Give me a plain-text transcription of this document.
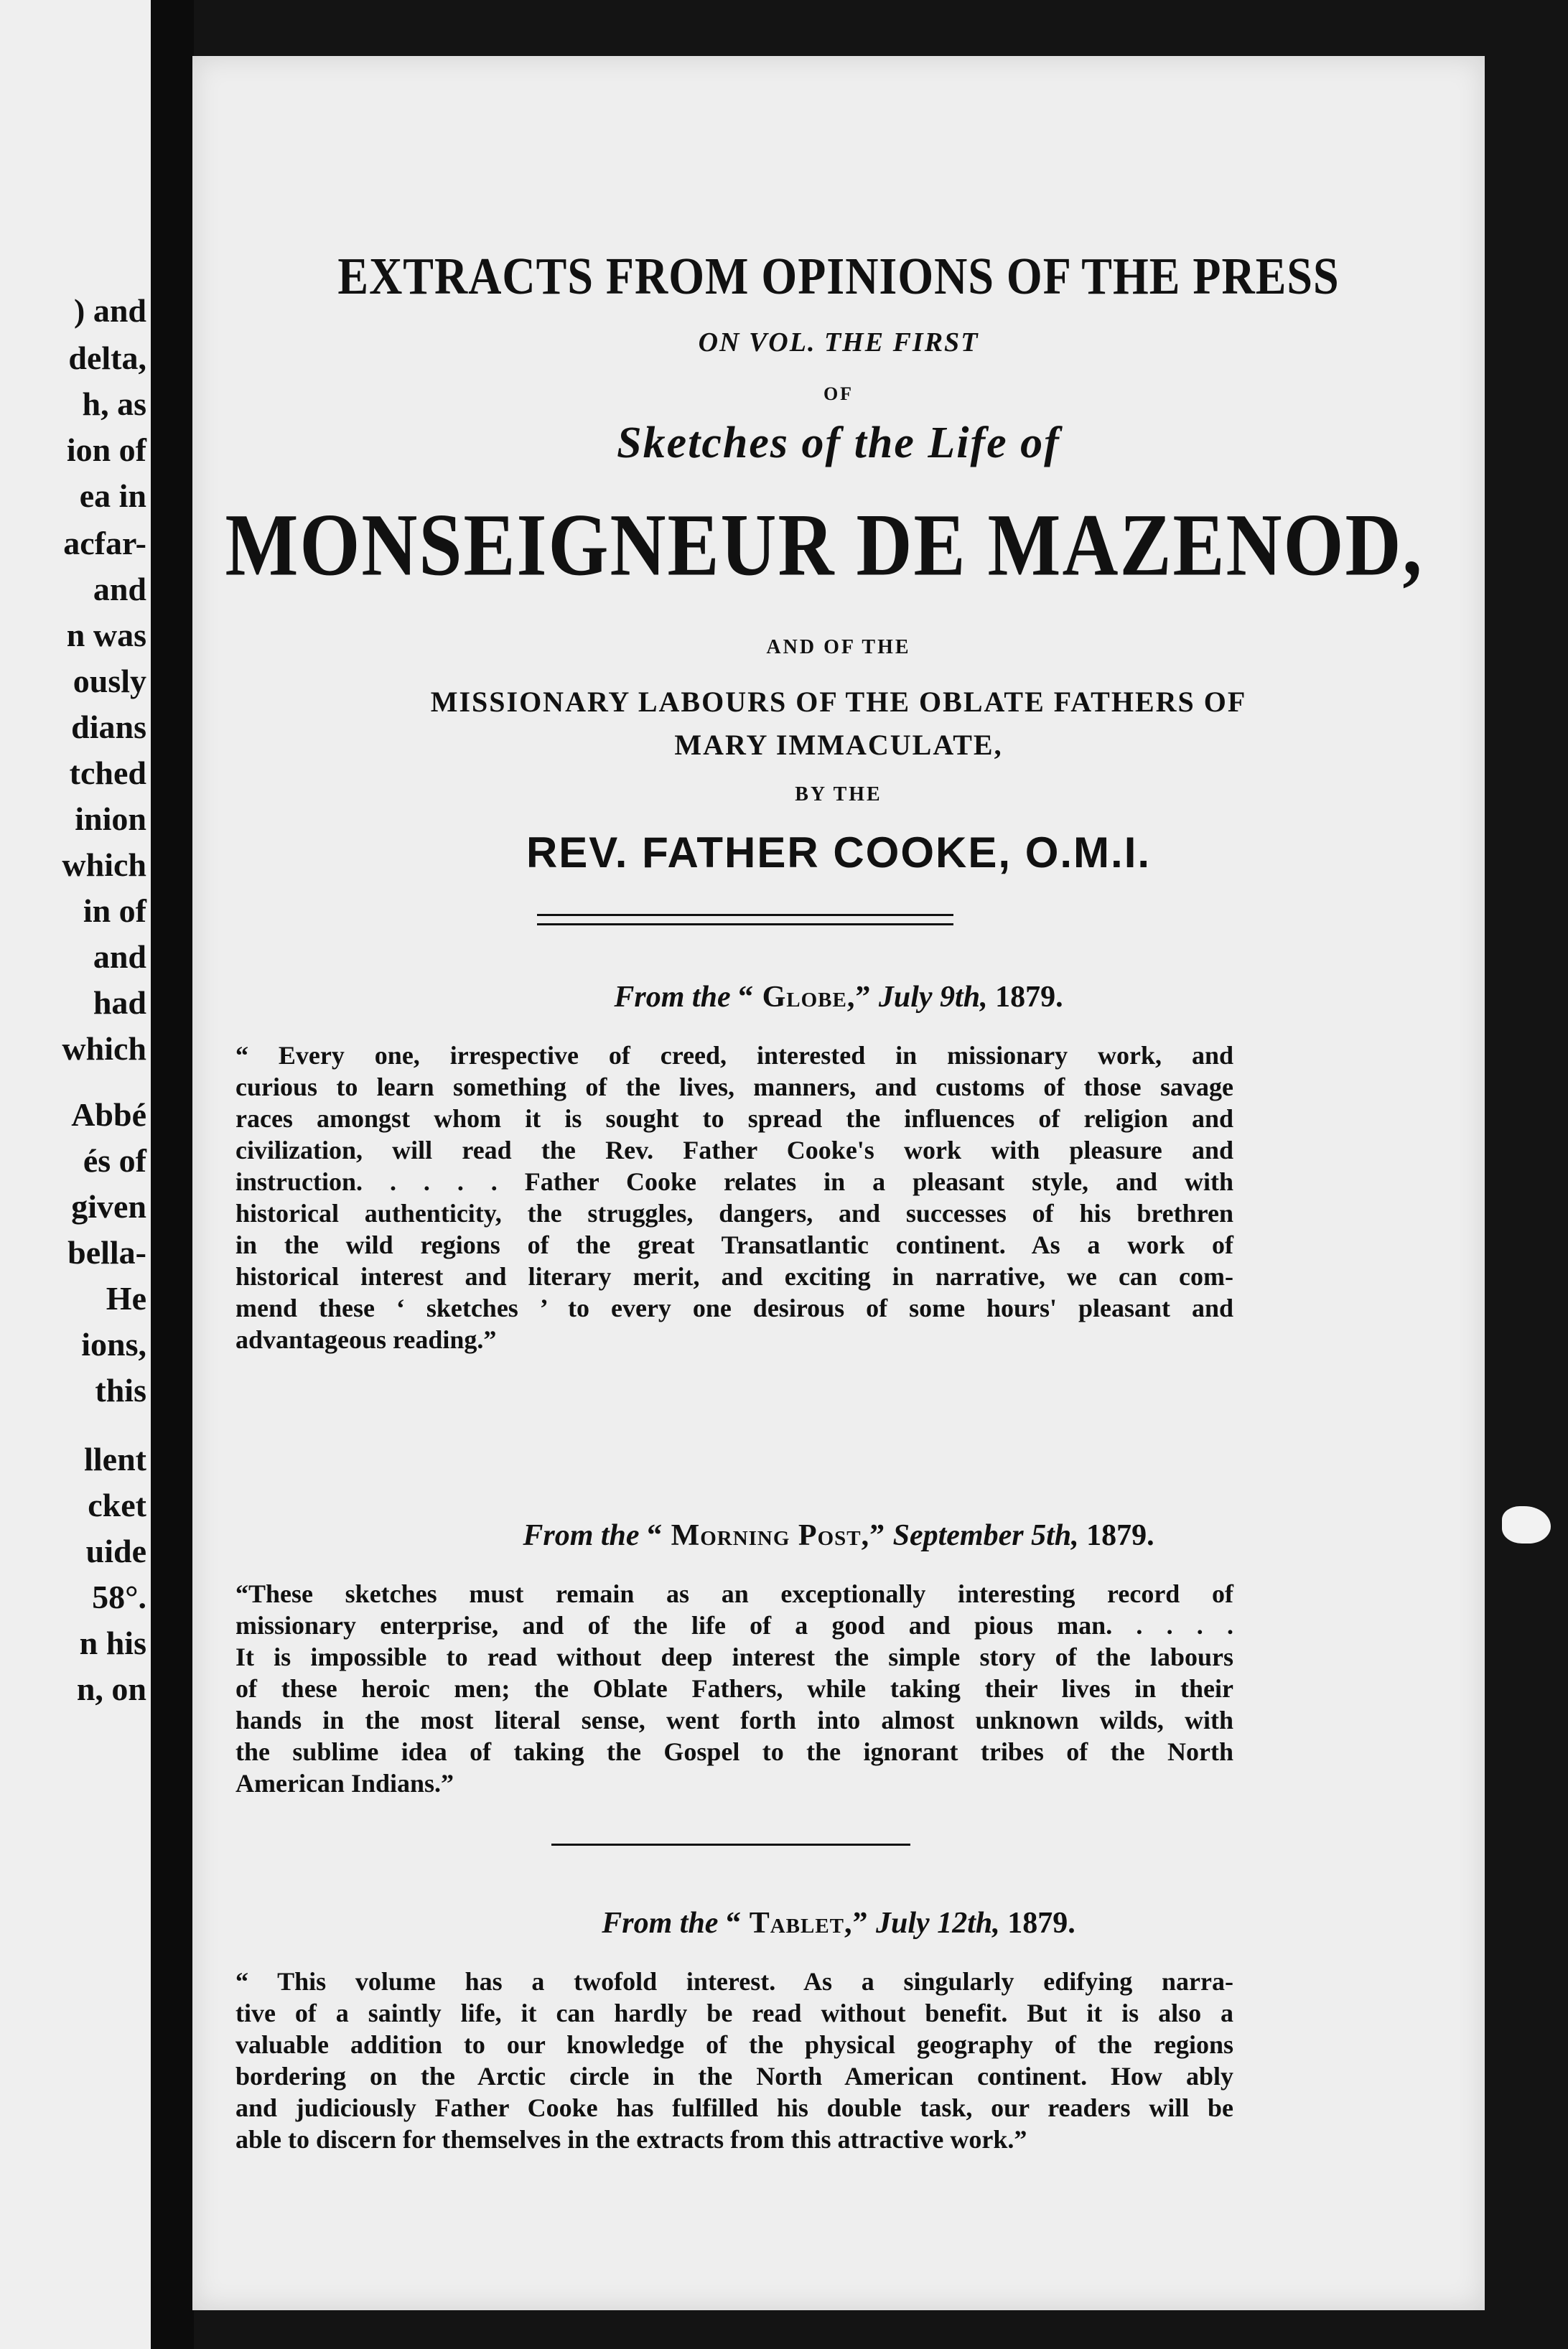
) and
delta,
h, as
ion of
ea in
acfar-
and
n was
ously
dians
tched
inion
which
in of
and
had
which
Abbé
és of
given
bella-
He
ions,
this
llent
cket
uide
58°.
n his
n, on
EXTRACTS FROM OPINIONS OF THE PRESS
ON VOL. THE FIRST
OF
Sketches of the Life of
MONSEIGNEUR DE MAZENOD,
AND OF THE
MISSIONARY LABOURS OF THE OBLATE FATHERS OF
MARY IMMACULATE,
BY THE
REV. FATHER COOKE, O.M.I.
From the “ Globe,” July 9th, 1879.
“ Every one, irrespective of creed, interested in missionary work, and
curious to learn something of the lives, manners, and customs of those savage
races amongst whom it is sought to spread the influences of religion and
civilization, will read the Rev. Father Cooke's work with pleasure and
instruction. . . . . Father Cooke relates in a pleasant style, and with
historical authenticity, the struggles, dangers, and successes of his brethren
in the wild regions of the great Transatlantic continent. As a work of
historical interest and literary merit, and exciting in narrative, we can com-
mend these ‘ sketches ’ to every one desirous of some hours' pleasant and
advantageous reading.”
From the “ Morning Post,” September 5th, 1879.
“These sketches must remain as an exceptionally interesting record of
missionary enterprise, and of the life of a good and pious man. . . . .
It is impossible to read without deep interest the simple story of the labours
of these heroic men; the Oblate Fathers, while taking their lives in their
hands in the most literal sense, went forth into almost unknown wilds, with
the sublime idea of taking the Gospel to the ignorant tribes of the North
American Indians.”
From the “ Tablet,” July 12th, 1879.
“ This volume has a twofold interest. As a singularly edifying narra-
tive of a saintly life, it can hardly be read without benefit. But it is also a
valuable addition to our knowledge of the physical geography of the regions
bordering on the Arctic circle in the North American continent. How ably
and judiciously Father Cooke has fulfilled his double task, our readers will be
able to discern for themselves in the extracts from this attractive work.”
